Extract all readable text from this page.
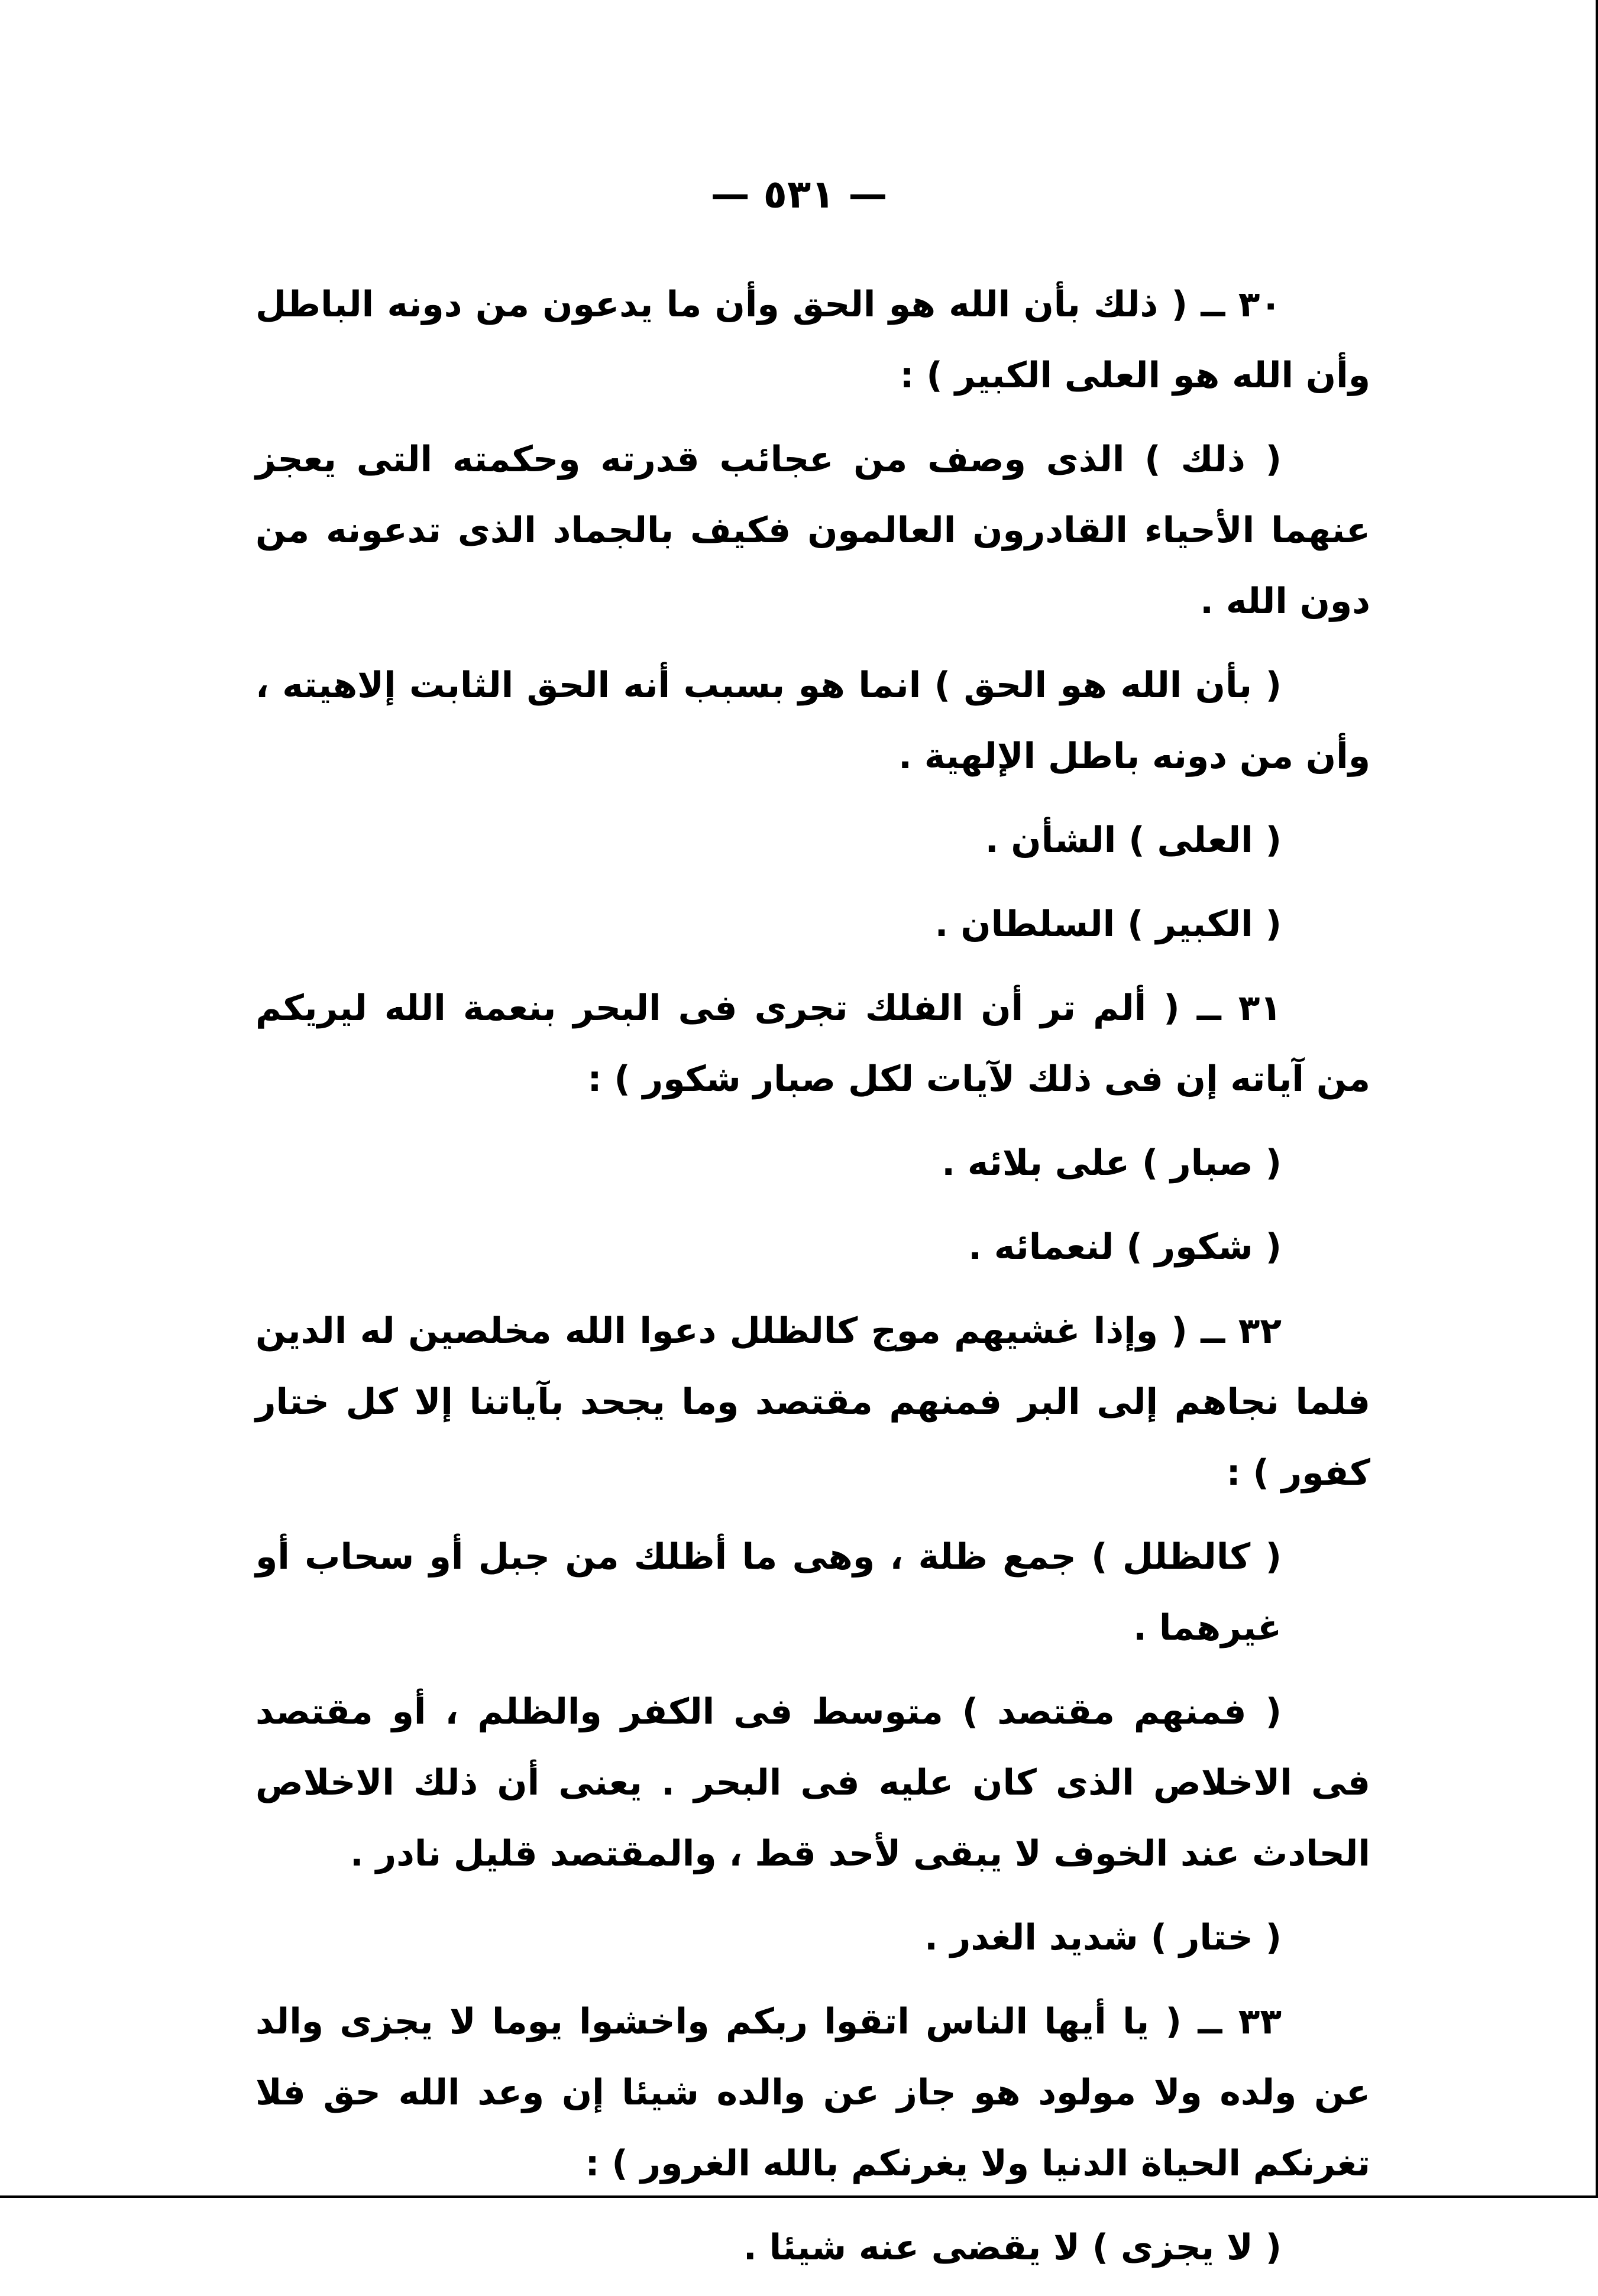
— ٥٣١ —

٣٠ ــ ( ذلك بأن الله هو الحق وأن ما يدعون من دونه الباطل وأن الله هو العلى الكبير ) :

( ذلك ) الذى وصف من عجائب قدرته وحكمته التى يعجز عنهما الأحياء القادرون العالمون فكيف بالجماد الذى تدعونه من دون الله .

( بأن الله هو الحق ) انما هو بسبب أنه الحق الثابت إلاهيته ، وأن من دونه باطل الإلهية .

( العلى ) الشأن .

( الكبير ) السلطان .

٣١ ــ ( ألم تر أن الفلك تجرى فى البحر بنعمة الله ليريكم من آياته إن فى ذلك لآيات لكل صبار شكور ) :

( صبار ) على بلائه .

( شكور ) لنعمائه .

٣٢ ــ ( وإذا غشيهم موج كالظلل دعوا الله مخلصين له الدين فلما نجاهم إلى البر فمنهم مقتصد وما يجحد بآياتنا إلا كل ختار كفور ) :

( كالظلل ) جمع ظلة ، وهى ما أظلك من جبل أو سحاب أو غيرهما .

( فمنهم مقتصد ) متوسط فى الكفر والظلم ، أو مقتصد فى الاخلاص الذى كان عليه فى البحر . يعنى أن ذلك الاخلاص الحادث عند الخوف لا يبقى لأحد قط ، والمقتصد قليل نادر .

( ختار ) شديد الغدر .

٣٣ ــ ( يا أيها الناس اتقوا ربكم واخشوا يوما لا يجزى والد عن ولده ولا مولود هو جاز عن والده شيئا إن وعد الله حق فلا تغرنكم الحياة الدنيا ولا يغرنكم بالله الغرور ) :

( لا يجزى ) لا يقضى عنه شيئا .
